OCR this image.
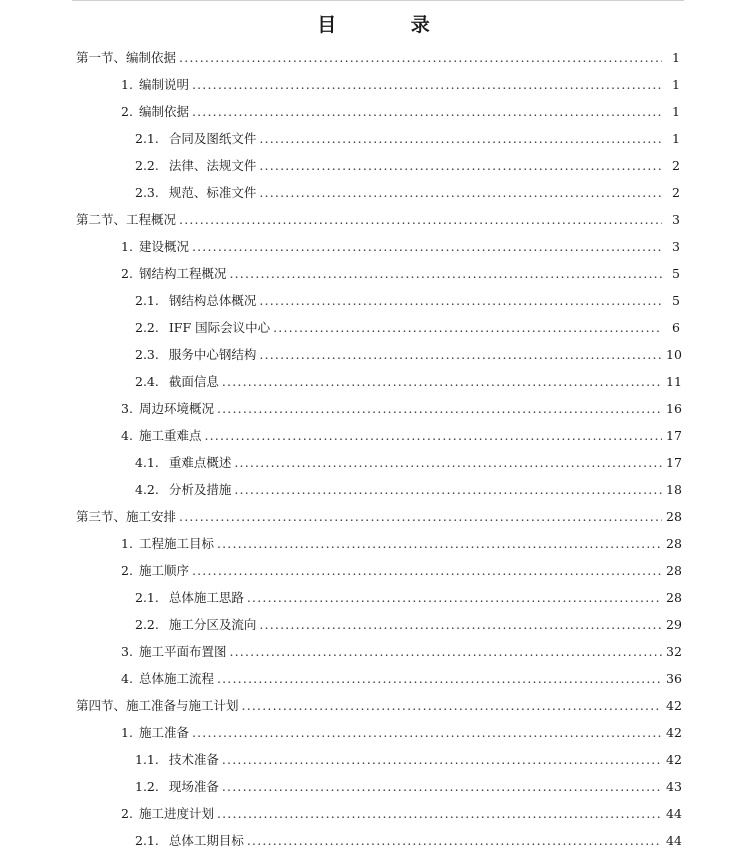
目 录
第一节、 编制依据 .....	1
1. 编制说明 .....	1
2. 编制依据 .....	1
2.1. 合同及图纸文件 .....	1
2.2. 法律、法规文件 .....	2
2.3. 规范、标准文件 .....	2
第二节、 工程概况 .....	3
1. 建设概况 .....	3
2. 钢结构工程概况 .....	5
2.1. 钢结构总体概况 .....	5
2.2. IFF 国际会议中心 .....	6
2.3. 服务中心钢结构 .....	10
2.4. 截面信息 .....	11
3. 周边环境概况 .....	16
4. 施工重难点 .....	17
4.1. 重难点概述 .....	17
4.2. 分析及措施 .....	18
第三节、 施工安排 .....	28
1. 工程施工目标 .....	28
2. 施工顺序 .....	28
2.1. 总体施工思路 .....	28
2.2. 施工分区及流向 .....	29
3. 施工平面布置图 .....	32
4. 总体施工流程 .....	36
第四节、 施工准备与施工计划 .....	42
1. 施工准备 .....	42
1.1. 技术准备 .....	42
1.2. 现场准备 .....	43
2. 施工进度计划 .....	44
2.1. 总体工期目标 .....	44
